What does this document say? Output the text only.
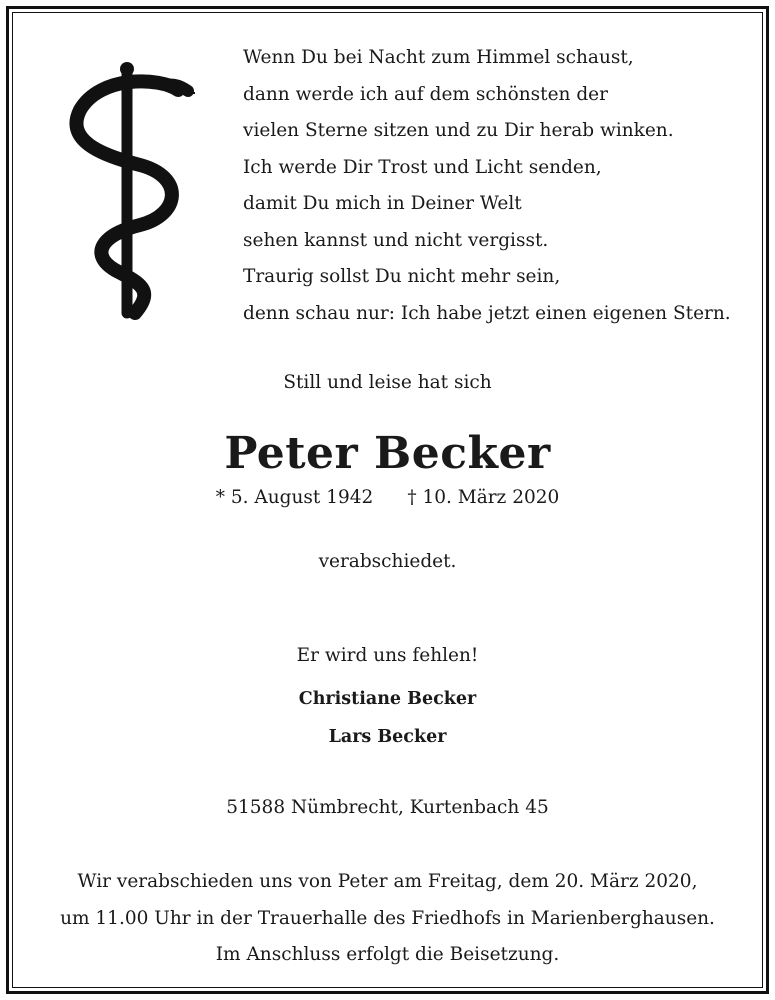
Wenn Du bei Nacht zum Himmel schaust,
dann werde ich auf dem schönsten der
vielen Sterne sitzen und zu Dir herab winken.
Ich werde Dir Trost und Licht senden,
damit Du mich in Deiner Welt
sehen kannst und nicht vergisst.
Traurig sollst Du nicht mehr sein,
denn schau nur: Ich habe jetzt einen eigenen Stern.
Still und leise hat sich
Peter Becker
* 5. August 1942 † 10. März 2020
verabschiedet.
Er wird uns fehlen!
Christiane Becker
Lars Becker
51588 Nümbrecht, Kurtenbach 45
Wir verabschieden uns von Peter am Freitag, dem 20. März 2020,
um 11.00 Uhr in der Trauerhalle des Friedhofs in Marienberghausen.
Im Anschluss erfolgt die Beisetzung.
